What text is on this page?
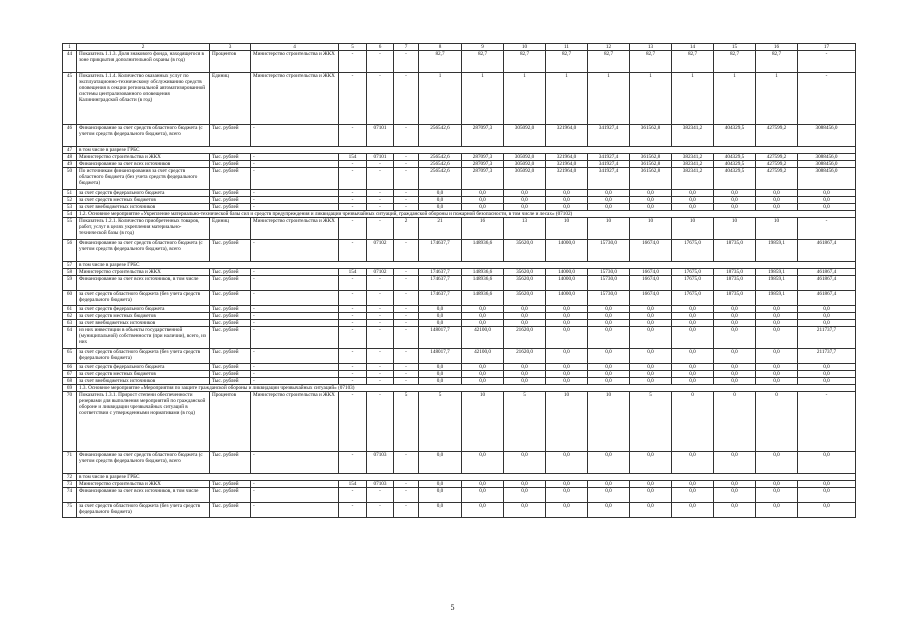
1	2	3	4	5	6	7	8	9	10	11	12	13	14	15	16	17
44	Показатель 1.1.3. Доля знакового фонда, находящегося в зоне прикрытия дополнительной охраны (в год)	Процентов	Министерство строительства и ЖКХ	-	-	-	82,7	82,7	82,7	82,7	82,7	82,7	82,7	82,7	82,7	-
45	Показатель 1.1.4. Количество оказанных услуг по эксплуатационно-техническому обслуживанию средств оповещения в секции региональной автоматизированной системы централизованного оповещения Калининградской области (в год)	Единиц	Министерство строительства и ЖКХ	-	-	-	1	1	1	1	1	1	1	1	1	-
46	Финансирование за счет средств областного бюджета (с учетом средств федерального бюджета), всего	Тыс. рублей	-	-	07101	-	256542,6	287097,3	305092,0	321964,0	341927,4	361562,8	382341,2	404329,5	427599,2	3088456,0
47	в том числе в разрезе ГРБС															
48	Министерство строительства и ЖКХ	Тыс. рублей	-	154	07101	-	256542,6	287097,3	305092,0	321964,0	341927,4	361562,8	382341,2	404329,5	427599,2	3088456,0
49	Финансирование за счет всех источников	Тыс. рублей	-	-	-	-	256542,6	287097,3	305092,0	321964,0	341927,4	361562,8	382341,2	404329,5	427599,2	3088456,0
50	По источникам финансирования за счет средств областного бюджета (без учета средств федерального бюджета)	Тыс. рублей	-	-	-	-	256542,6	287097,3	305092,0	321964,0	341927,4	361562,8	382341,2	404329,5	427599,2	3088456,0
51	за счет средств федерального бюджета	Тыс. рублей	-	-	-	-	0,0	0,0	0,0	0,0	0,0	0,0	0,0	0,0	0,0	0,0
52	за счет средств местных бюджетов	Тыс. рублей	-	-	-	-	0,0	0,0	0,0	0,0	0,0	0,0	0,0	0,0	0,0	0,0
53	за счет внебюджетных источников	Тыс. рублей	-	-	-	-	0,0	0,0	0,0	0,0	0,0	0,0	0,0	0,0	0,0	0,0
54	1.2. Основное мероприятие «Укрепление материально-технической базы сил и средств предупреждения и ликвидации чрезвычайных ситуаций, гражданской обороны и пожарной безопасности, в том числе и лесах» (07102)															
55	Показатель 1.2.1. Количество приобретенных товаров, работ, услуг в целях укрепления материально-технической базы (в год)	Единиц	Министерство строительства и ЖКХ	-	-	2	21	16	13	10	10	10	10	10	10	-
56	Финансирование за счет средств областного бюджета (с учетом средств федерального бюджета), всего	Тыс. рублей	-	-	07102	-	174637,7	148936,6	35620,0	14000,0	15730,0	16674,0	17675,0	18735,0	19859,1	461867,4
57	в том числе в разрезе ГРБС															
58	Министерство строительства и ЖКХ	Тыс. рублей	-	154	07102	-	174637,7	148936,6	35620,0	14000,0	15730,0	16674,0	17675,0	18735,0	19859,1	461867,4
59	Финансирование за счет всех источников, в том числе	Тыс. рублей	-	-	-	-	174637,7	148936,6	35620,0	14000,0	15730,0	16674,0	17675,0	18735,0	19859,1	461867,4
60	за счет средств областного бюджета (без учета средств федерального бюджета)	Тыс. рублей	-	-	-	-	174637,7	148936,6	35620,0	14000,0	15730,0	16674,0	17675,0	18735,0	19859,1	461867,4
61	за счет средств федерального бюджета	Тыс. рублей	-	-	-	-	0,0	0,0	0,0	0,0	0,0	0,0	0,0	0,0	0,0	0,0
62	за счет средств местных бюджетов	Тыс. рублей	-	-	-	-	0,0	0,0	0,0	0,0	0,0	0,0	0,0	0,0	0,0	0,0
63	за счет внебюджетных источников	Тыс. рублей	-	-	-	-	0,0	0,0	0,0	0,0	0,0	0,0	0,0	0,0	0,0	0,0
64	из них инвестиции в объекты государственной (муниципальной) собственности (при наличии), всего, из них	Тыс. рублей	-	-	-	-	148017,7	42100,0	21620,0	0,0	0,0	0,0	0,0	0,0	0,0	211737,7
65	за счет средств областного бюджета (без учета средств федерального бюджета)	Тыс. рублей	-	-	-	-	148017,7	42100,0	21620,0	0,0	0,0	0,0	0,0	0,0	0,0	211737,7
66	за счет средств федерального бюджета	Тыс. рублей	-	-	-	-	0,0	0,0	0,0	0,0	0,0	0,0	0,0	0,0	0,0	0,0
67	за счет средств местных бюджетов	Тыс. рублей	-	-	-	-	0,0	0,0	0,0	0,0	0,0	0,0	0,0	0,0	0,0	0,0
68	за счет внебюджетных источников	Тыс. рублей	-	-	-	-	0,0	0,0	0,0	0,0	0,0	0,0	0,0	0,0	0,0	0,0
69	1.3. Основное мероприятие «Мероприятия по защите гражданской обороны и ликвидации чрезвычайных ситуаций» (07103)															
70	Показатель 1.3.1. Прирост степени обеспеченности резервами для выполнения мероприятий по гражданской обороне и ликвидации чрезвычайных ситуаций в соответствии с утвержденными нормативами (в год)	Процентов	Министерство строительства и ЖКХ	-	-	5	5	10	5	10	10	5	0	0	0	-
71	Финансирование за счет средств областного бюджета (с учетом средств федерального бюджета), всего	Тыс. рублей	-	-	07103	-	0,0	0,0	0,0	0,0	0,0	0,0	0,0	0,0	0,0	0,0
72	в том числе в разрезе ГРБС															
73	Министерство строительства и ЖКХ	Тыс. рублей	-	154	07103	-	0,0	0,0	0,0	0,0	0,0	0,0	0,0	0,0	0,0	0,0
74	Финансирование за счет всех источников, в том числе	Тыс. рублей	-	-	-	-	0,0	0,0	0,0	0,0	0,0	0,0	0,0	0,0	0,0	0,0
75	за счет средств областного бюджета (без учета средств федерального бюджета)	Тыс. рублей	-	-	-	-	0,0	0,0	0,0	0,0	0,0	0,0	0,0	0,0	0,0	0,0
5
